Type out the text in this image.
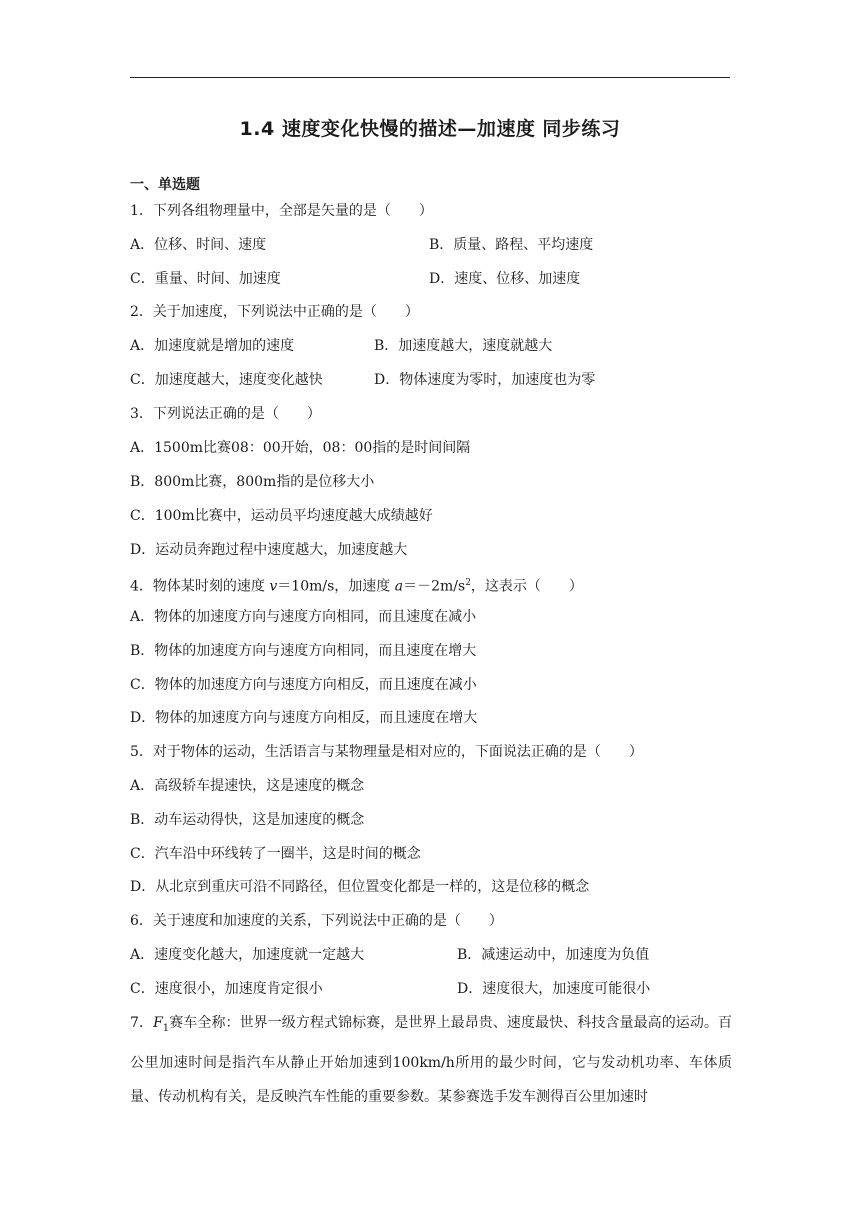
1.4 速度变化快慢的描述—加速度 同步练习
一、单选题
1．下列各组物理量中，全部是矢量的是（　　）
A．位移、时间、速度	B．质量、路程、平均速度
C．重量、时间、加速度	D．速度、位移、加速度
2．关于加速度，下列说法中正确的是（　　）
A．加速度就是增加的速度	B．加速度越大，速度就越大
C．加速度越大，速度变化越快	D．物体速度为零时，加速度也为零
3．下列说法正确的是（　　）
A．1500m比赛08：00开始，08：00指的是时间间隔
B．800m比赛，800m指的是位移大小
C．100m比赛中，运动员平均速度越大成绩越好
D．运动员奔跑过程中速度越大，加速度越大
4．物体某时刻的速度 v＝10m/s，加速度 $a=-2m/s^2$，这表示（　　）
A．物体的加速度方向与速度方向相同，而且速度在减小
B．物体的加速度方向与速度方向相同，而且速度在增大
C．物体的加速度方向与速度方向相反，而且速度在减小
D．物体的加速度方向与速度方向相反，而且速度在增大
5．对于物体的运动，生活语言与某物理量是相对应的，下面说法正确的是（　　）
A．高级轿车提速快，这是速度的概念
B．动车运动得快，这是加速度的概念
C．汽车沿中环线转了一圈半，这是时间的概念
D．从北京到重庆可沿不同路径，但位置变化都是一样的，这是位移的概念
6．关于速度和加速度的关系，下列说法中正确的是（　　）
A．速度变化越大，加速度就一定越大	B．减速运动中，加速度为负值
C．速度很小，加速度肯定很小	D．速度很大，加速度可能很小
7．$F_1$赛车全称：世界一级方程式锦标赛，是世界上最昂贵、速度最快、科技含量最高的运动。百公里加速时间是指汽车从静止开始加速到100km/h所用的最少时间，它与发动机功率、车体质量、传动机构有关，是反映汽车性能的重要参数。某参赛选手发车测得百公里加速时
